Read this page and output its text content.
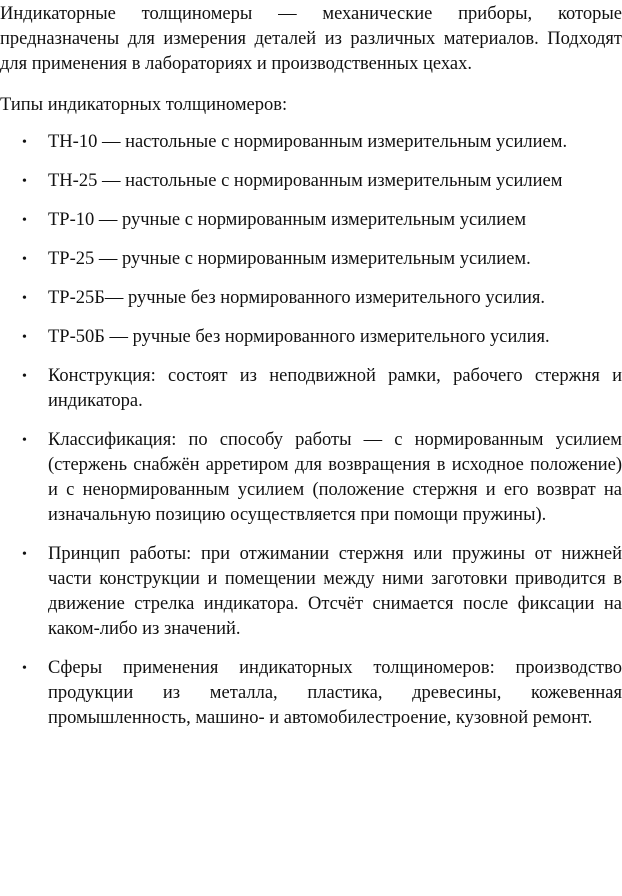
Индикаторные толщиномеры — механические приборы, которые предназначены для измерения деталей из различных материалов. Подходят для применения в лабораториях и производственных цехах.

Типы индикаторных толщиномеров:

• ТН-10 — настольные с нормированным измерительным усилием.
• ТН-25 — настольные с нормированным измерительным усилием
• ТР-10 — ручные с нормированным измерительным усилием
• ТР-25 — ручные с нормированным измерительным усилием.
• ТР-25Б— ручные без нормированного измерительного усилия.
• ТР-50Б — ручные без нормированного измерительного усилия.
• Конструкция: состоят из неподвижной рамки, рабочего стержня и индикатора.
• Классификация: по способу работы — с нормированным усилием (стержень снабжён арретиром для возвращения в исходное положение) и с ненормированным усилием (положение стержня и его возврат на изначальную позицию осуществляется при помощи пружины).
• Принцип работы: при отжимании стержня или пружины от нижней части конструкции и помещении между ними заготовки приводится в движение стрелка индикатора. Отсчёт снимается после фиксации на каком-либо из значений.
• Сферы применения индикаторных толщиномеров: производство продукции из металла, пластика, древесины, кожевенная промышленность, машино- и автомобилестроение, кузовной ремонт.
